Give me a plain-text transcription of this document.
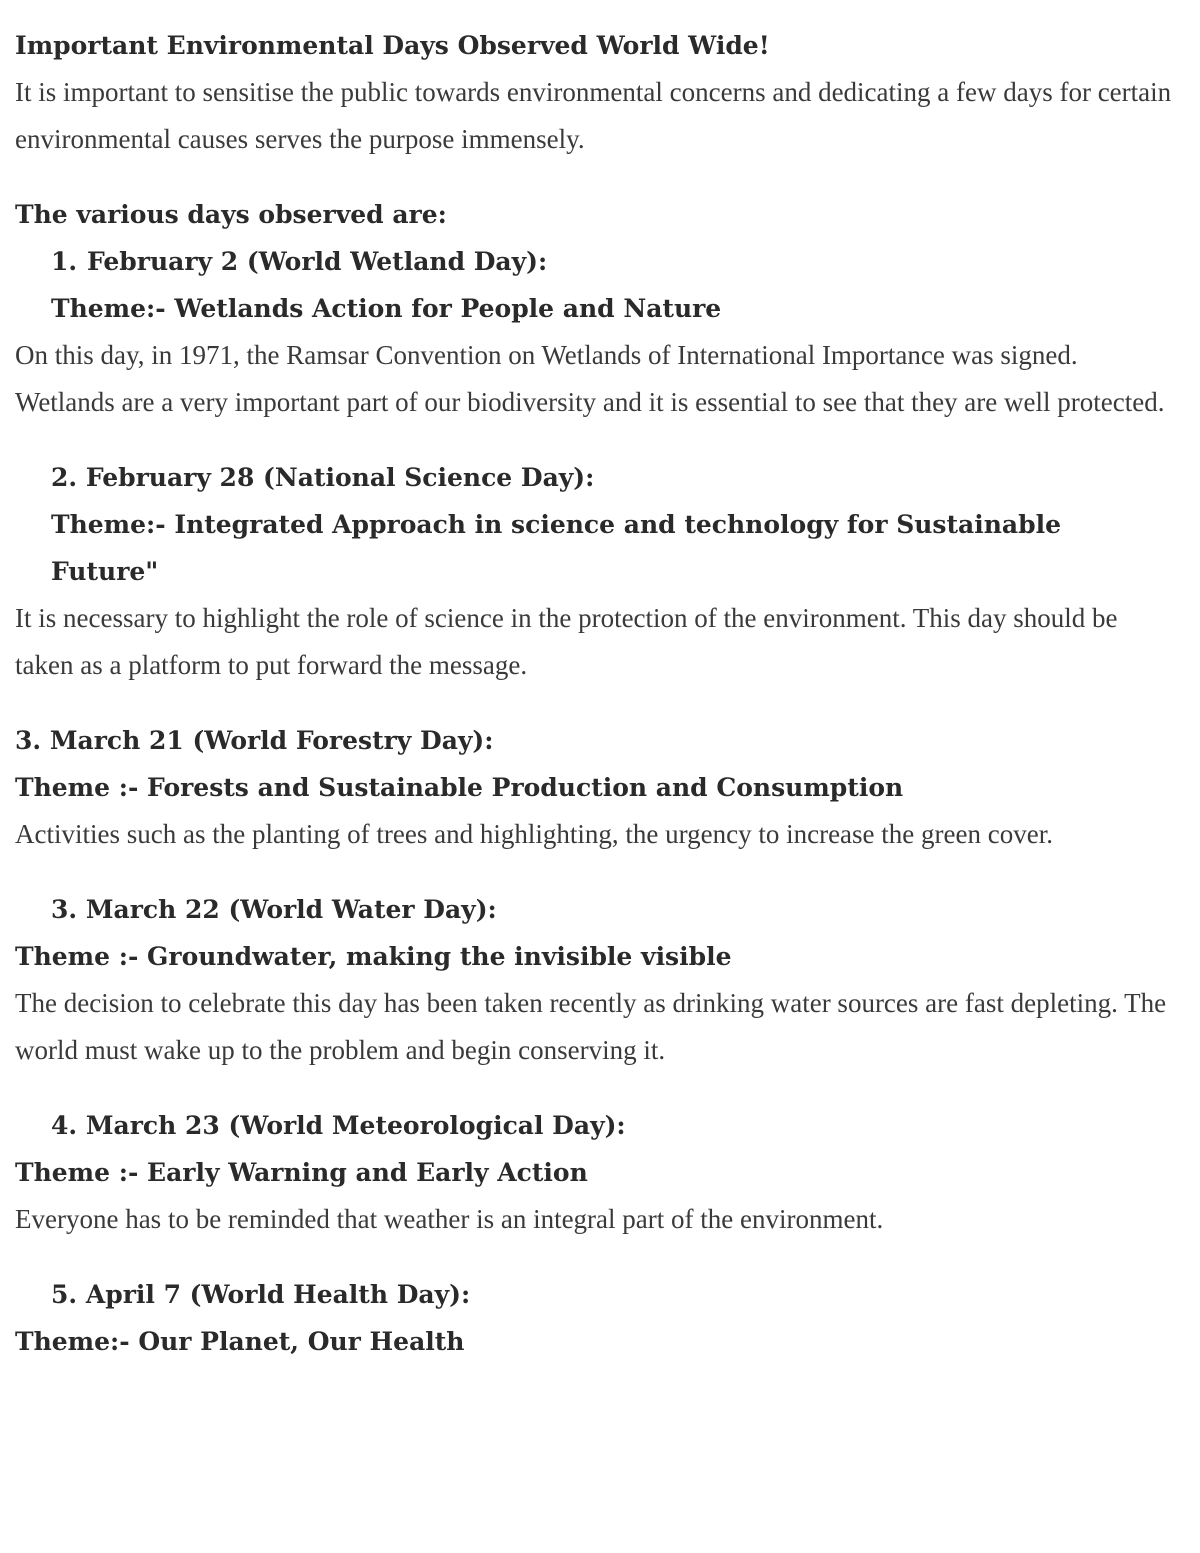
Important Environmental Days Observed World Wide!
It is important to sensitise the public towards environmental concerns and dedicating a few days for certain environmental causes serves the purpose immensely.
The various days observed are:
1. February 2 (World Wetland Day):
Theme:- Wetlands Action for People and Nature
On this day, in 1971, the Ramsar Convention on Wetlands of International Importance was signed. Wetlands are a very important part of our biodiversity and it is essential to see that they are well protected.
2. February 28 (National Science Day):
Theme:- Integrated Approach in science and technology for Sustainable Future"
It is necessary to highlight the role of science in the protection of the environment. This day should be taken as a platform to put forward the message.
3. March 21 (World Forestry Day):
Theme :- Forests and Sustainable Production and Consumption
Activities such as the planting of trees and highlighting, the urgency to increase the green cover.
3. March 22 (World Water Day):
Theme :- Groundwater, making the invisible visible
The decision to celebrate this day has been taken recently as drinking water sources are fast depleting. The world must wake up to the problem and begin conserving it.
4. March 23 (World Meteorological Day):
Theme :- Early Warning and Early Action
Everyone has to be reminded that weather is an integral part of the environment.
5. April 7 (World Health Day):
Theme:- Our Planet, Our Health
